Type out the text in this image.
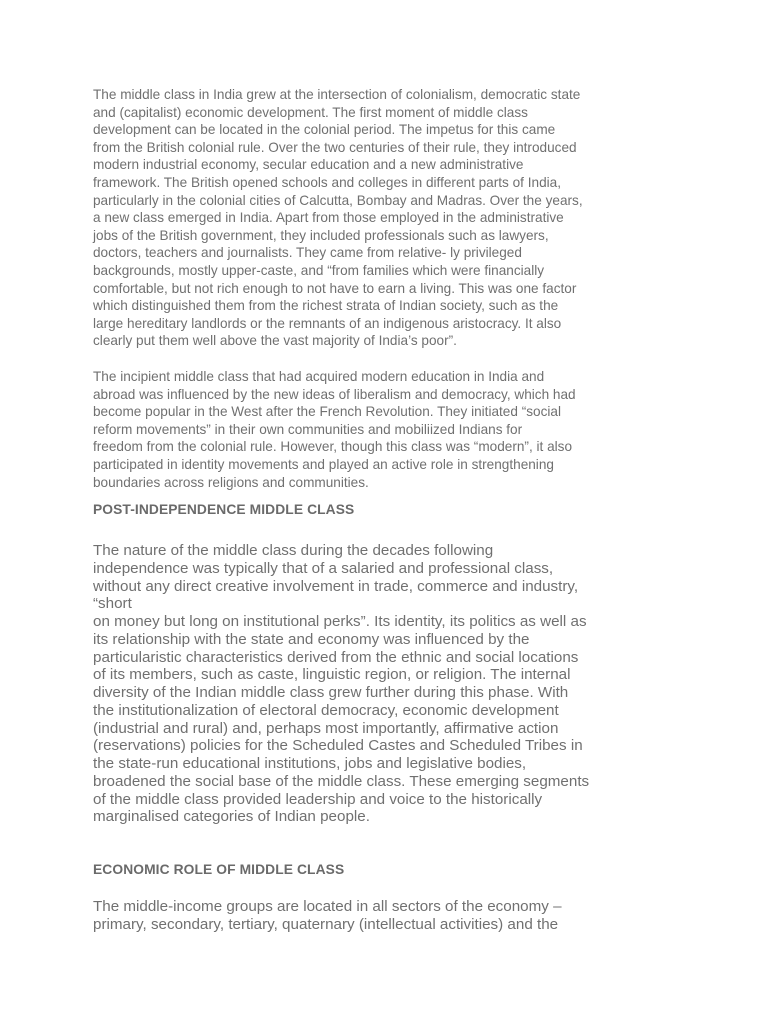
The middle class in India grew at the intersection of colonialism, democratic state
and (capitalist) economic development. The first moment of middle class
development can be located in the colonial period. The impetus for this came
from the British colonial rule. Over the two centuries of their rule, they introduced
modern industrial economy, secular education and a new administrative
framework. The British opened schools and colleges in different parts of India,
particularly in the colonial cities of Calcutta, Bombay and Madras. Over the years,
a new class emerged in India. Apart from those employed in the administrative
jobs of the British government, they included professionals such as lawyers,
doctors, teachers and journalists. They came from relative- ly privileged
backgrounds, mostly upper-caste, and “from families which were financially
comfortable, but not rich enough to not have to earn a living. This was one factor
which distinguished them from the richest strata of Indian society, such as the
large hereditary landlords or the remnants of an indigenous aristocracy. It also
clearly put them well above the vast majority of India’s poor”.

The incipient middle class that had acquired modern education in India and
abroad was influenced by the new ideas of liberalism and democracy, which had
become popular in the West after the French Revolution. They initiated “social
reform movements” in their own communities and mobiliized Indians for
freedom from the colonial rule. However, though this class was “modern”, it also
participated in identity movements and played an active role in strengthening
boundaries across religions and communities.

POST-INDEPENDENCE MIDDLE CLASS

The nature of the middle class during the decades following
independence was typically that of a salaried and professional class,
without any direct creative involvement in trade, commerce and industry,
“short
on money but long on institutional perks”. Its identity, its politics as well as
its relationship with the state and economy was influenced by the
particularistic characteristics derived from the ethnic and social locations
of its members, such as caste, linguistic region, or religion. The internal
diversity of the Indian middle class grew further during this phase. With
the institutionalization of electoral democracy, economic development
(industrial and rural) and, perhaps most importantly, affirmative action
(reservations) policies for the Scheduled Castes and Scheduled Tribes in
the state-run educational institutions, jobs and legislative bodies,
broadened the social base of the middle class. These emerging segments
of the middle class provided leadership and voice to the historically
marginalised categories of Indian people.

ECONOMIC ROLE OF MIDDLE CLASS

The middle-income groups are located in all sectors of the economy –
primary, secondary, tertiary, quaternary (intellectual activities) and the
